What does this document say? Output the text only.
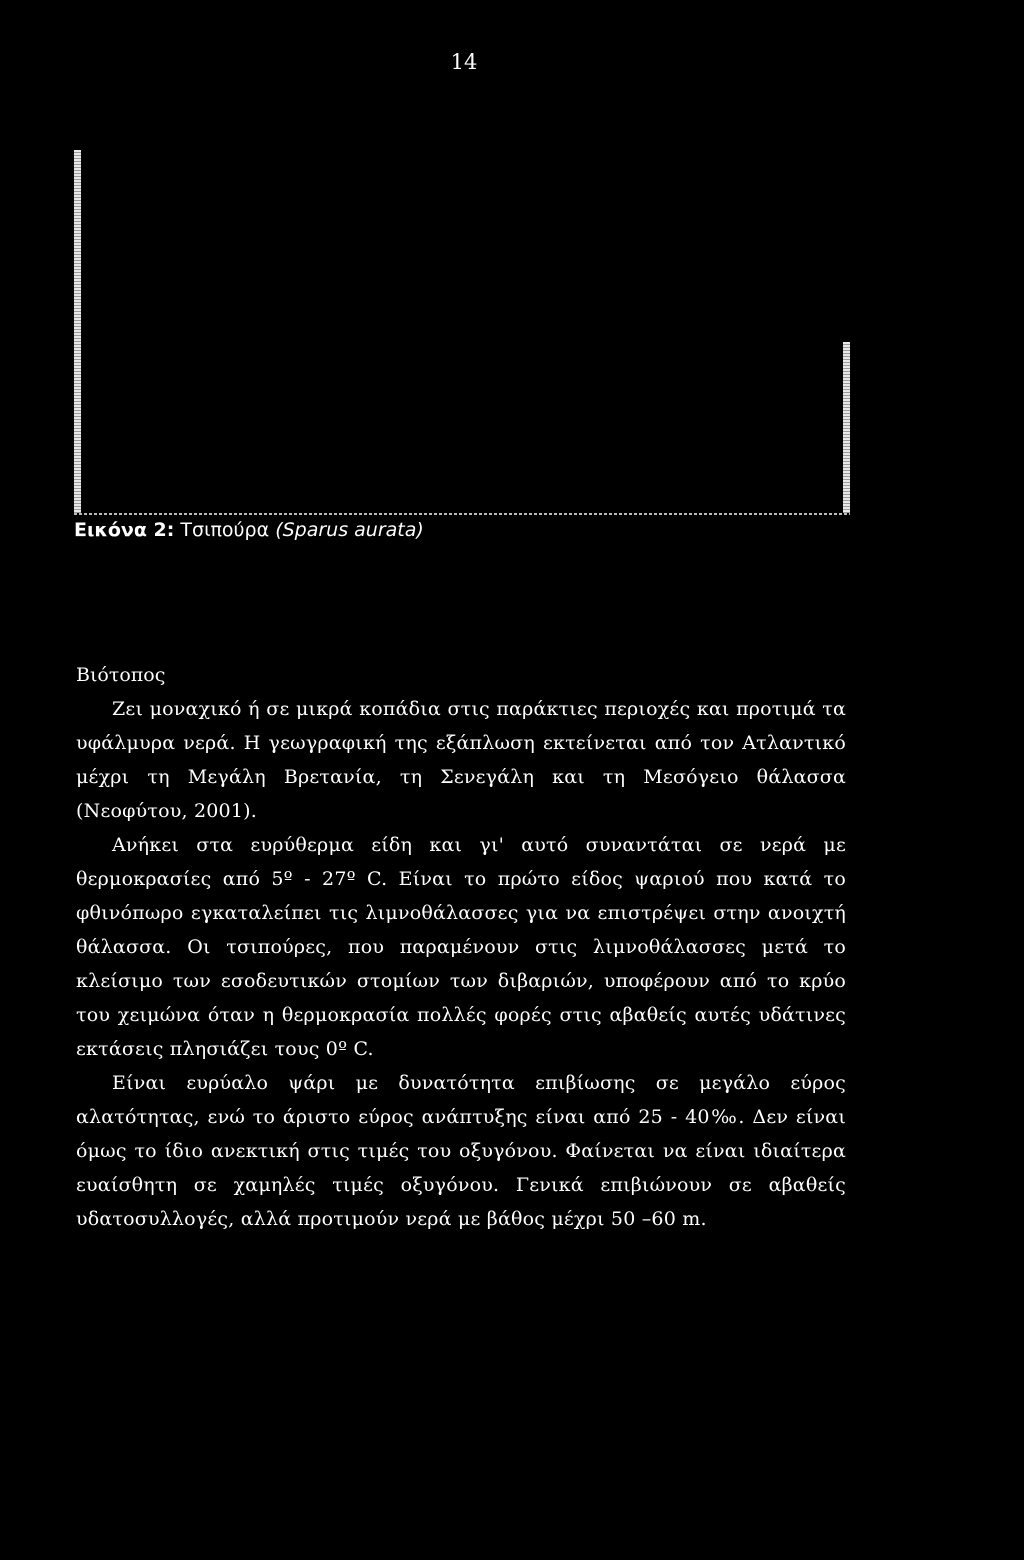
14
Εικόνα 2: Τσιπούρα (Sparus aurata)
Βιότοπος

Ζει μοναχικό ή σε μικρά κοπάδια στις παράκτιες περιοχές και προτιμά τα υφάλμυρα νερά. Η γεωγραφική της εξάπλωση εκτείνεται από τον Ατλαντικό μέχρι τη Μεγάλη Βρετανία, τη Σενεγάλη και τη Μεσόγειο θάλασσα (Νεοφύτου, 2001).

Ανήκει στα ευρύθερμα είδη και γι' αυτό συναντάται σε νερά με θερμοκρασίες από 5º - 27º C. Είναι το πρώτο είδος ψαριού που κατά το φθινόπωρο εγκαταλείπει τις λιμνοθάλασσες για να επιστρέψει στην ανοιχτή θάλασσα. Οι τσιπούρες, που παραμένουν στις λιμνοθάλασσες μετά το κλείσιμο των εσοδευτικών στομίων των διβαριών, υποφέρουν από το κρύο του χειμώνα όταν η θερμοκρασία πολλές φορές στις αβαθείς αυτές υδάτινες εκτάσεις πλησιάζει τους 0º C.

Είναι ευρύαλο ψάρι με δυνατότητα επιβίωσης σε μεγάλο εύρος αλατότητας, ενώ το άριστο εύρος ανάπτυξης είναι από 25 - 40‰. Δεν είναι όμως το ίδιο ανεκτική στις τιμές του οξυγόνου. Φαίνεται να είναι ιδιαίτερα ευαίσθητη σε χαμηλές τιμές οξυγόνου. Γενικά επιβιώνουν σε αβαθείς υδατοσυλλογές, αλλά προτιμούν νερά με βάθος μέχρι 50 –60 m.
